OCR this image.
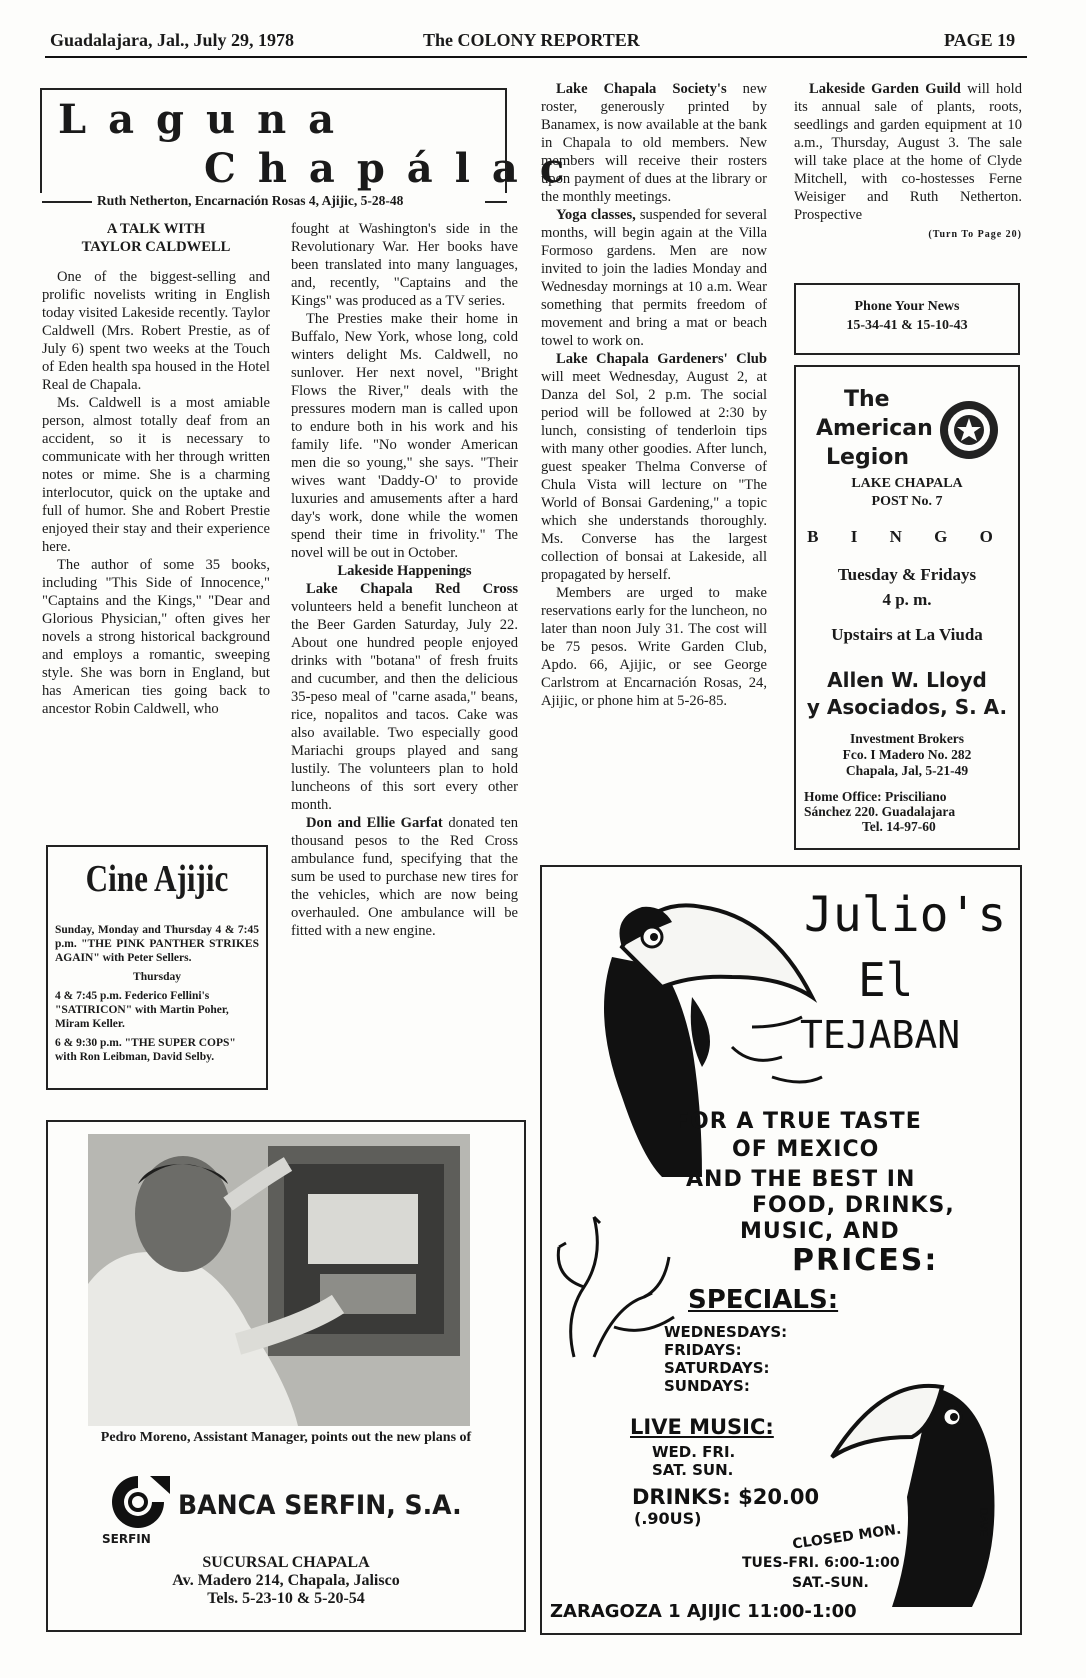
Guadalajara, Jal., July 29, 1978	The COLONY REPORTER	PAGE 19
Laguna
Chapálac
Ruth Netherton, Encarnación Rosas 4, Ajijic, 5-28-48

A TALK WITH

TAYLOR CALDWELL

One of the biggest-selling and prolific novelists writing in English today visited Lakeside recently. Taylor Caldwell (Mrs. Robert Prestie, as of July 6) spent two weeks at the Touch of Eden health spa housed in the Hotel Real de Chapala.

Ms. Caldwell is a most amiable person, almost totally deaf from an accident, so it is necessary to communicate with her through written notes or mime. She is a charming interlocutor, quick on the uptake and full of humor. She and Robert Prestie enjoyed their stay and their experience here.

The author of some 35 books, including "This Side of Innocence," "Captains and the Kings," "Dear and Glorious Physician," often gives her novels a strong historical background and employs a romantic, sweeping style. She was born in England, but has American ties going back to ancestor Robin Caldwell, who

fought at Washington's side in the Revolutionary War. Her books have been translated into many languages, and, recently, "Captains and the Kings" was produced as a TV series.

The Presties make their home in Buffalo, New York, whose long, cold winters delight Ms. Caldwell, no sunlover. Her next novel, "Bright Flows the River," deals with the pressures modern man is called upon to endure both in his work and his family life. "No wonder American men die so young," she says. "Their wives want 'Daddy-O' to provide luxuries and amusements after a hard day's work, done while the women spend their time in frivolity." The novel will be out in October.

Lakeside Happenings

Lake Chapala Red Cross volunteers held a benefit luncheon at the Beer Garden Saturday, July 22. About one hundred people enjoyed drinks with "botana" of fresh fruits and cucumber, and then the delicious 35-peso meal of "carne asada," beans, rice, nopalitos and tacos. Cake was also available. Two especially good Mariachi groups played and sang lustily. The volunteers plan to hold luncheons of this sort every other month.

Don and Ellie Garfat donated ten thousand pesos to the Red Cross ambulance fund, specifying that the sum be used to purchase new tires for the vehicles, which are now being overhauled. One ambulance will be fitted with a new engine.

Lake Chapala Society's new roster, generously printed by Banamex, is now available at the bank in Chapala to old members. New members will receive their rosters upon payment of dues at the library or the monthly meetings.

Yoga classes, suspended for several months, will begin again at the Villa Formoso gardens. Men are now invited to join the ladies Monday and Wednesday mornings at 10 a.m. Wear something that permits freedom of movement and bring a mat or beach towel to work on.

Lake Chapala Gardeners' Club will meet Wednesday, August 2, at Danza del Sol, 2 p.m. The social period will be followed at 2:30 by lunch, consisting of tenderloin tips with many other goodies. After lunch, guest speaker Thelma Converse of Chula Vista will lecture on "The World of Bonsai Gardening," a topic which she understands thoroughly. Ms. Converse has the largest collection of bonsai at Lakeside, all propagated by herself.

Members are urged to make reservations early for the luncheon, no later than noon July 31. The cost will be 75 pesos. Write Garden Club, Apdo. 66, Ajijic, or see George Carlstrom at Encarnación Rosas, 24, Ajijic, or phone him at 5-26-85.

Lakeside Garden Guild will hold its annual sale of plants, roots, seedlings and garden equipment at 10 a.m., Thursday, August 3. The sale will take place at the home of Clyde Mitchell, with co-hostesses Ferne Weisiger and Ruth Netherton. Prospective

(Turn To Page 20)

Phone Your News
15-34-41 & 15-10-43
The
American
Legion
LAKE CHAPALA
POST No. 7
B I N G O
Tuesday & Fridays
4 p. m.
Upstairs at La Viuda
Allen W. Lloyd
y Asociados, S. A.
Investment Brokers
Fco. I Madero No. 282
Chapala, Jal, 5-21-49
Home Office: Prisciliano
Sánchez 220. Guadalajara
Tel. 14-97-60
Cine Ajijic
Sunday, Monday and Thursday 4 & 7:45 p.m. "THE PINK PANTHER STRIKES AGAIN" with Peter Sellers.
Thursday
4 & 7:45 p.m. Federico Fellini's "SATIRICON" with Martin Poher, Miram Keller.
6 & 9:30 p.m. "THE SUPER COPS" with Ron Leibman, David Selby.
Pedro Moreno, Assistant Manager, points out the new plans of
SERFIN
BANCA SERFIN, S.A.
SUCURSAL CHAPALA
Av. Madero 214, Chapala, Jalisco
Tels. 5-23-10 & 5-20-54
Julio's
El
TEJABAN
FOR A TRUE TASTE
OF MEXICO
AND THE BEST IN
FOOD, DRINKS,
MUSIC, AND
PRICES:
SPECIALS:
WEDNESDAYS:
FRIDAYS:
SATURDAYS:
SUNDAYS:
LIVE MUSIC:
WED. FRI.
SAT. SUN.
DRINKS: $20.00
(.90US)
CLOSED MON.
TUES-FRI. 6:00-1:00
SAT.-SUN.
ZARAGOZA 1 AJIJIC 11:00-1:00
DAVE
